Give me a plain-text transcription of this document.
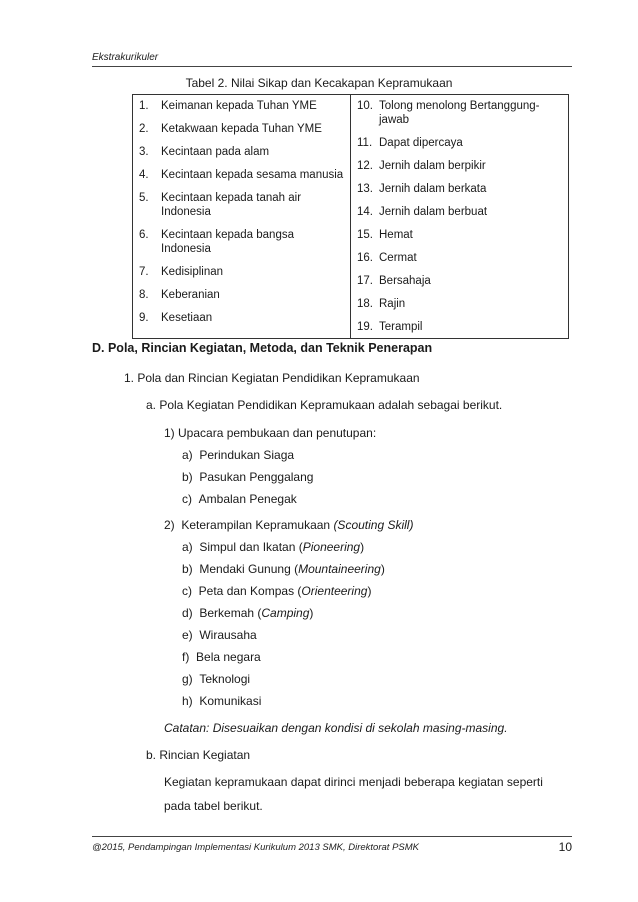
Ekstrakurikuler
Tabel 2. Nilai Sikap dan Kecakapan Kepramukaan
1. Keimanan kepada Tuhan YME
2. Ketakwaan kepada Tuhan YME
3. Kecintaan pada alam
4. Kecintaan kepada sesama manusia
5. Kecintaan kepada tanah air Indonesia
6. Kecintaan kepada bangsa Indonesia
7. Kedisiplinan
8. Keberanian
9. Kesetiaan

10. Tolong menolong Bertanggung-jawab
11. Dapat dipercaya
12. Jernih dalam berpikir
13. Jernih dalam berkata
14. Jernih dalam berbuat
15. Hemat
16. Cermat
17. Bersahaja
18. Rajin
19. Terampil
D. Pola, Rincian Kegiatan, Metoda, dan Teknik Penerapan
1. Pola dan Rincian Kegiatan Pendidikan Kepramukaan
a. Pola Kegiatan Pendidikan Kepramukaan adalah sebagai berikut.
1) Upacara pembukaan dan penutupan:
a) Perindukan Siaga
b) Pasukan Penggalang
c) Ambalan Penegak
2) Keterampilan Kepramukaan (Scouting Skill)
a) Simpul dan Ikatan (Pioneering)
b) Mendaki Gunung (Mountaineering)
c) Peta dan Kompas (Orienteering)
d) Berkemah (Camping)
e) Wirausaha
f) Bela negara
g) Teknologi
h) Komunikasi
Catatan: Disesuaikan dengan kondisi di sekolah masing-masing.
b. Rincian Kegiatan
Kegiatan kepramukaan dapat dirinci menjadi beberapa kegiatan seperti
pada tabel berikut.
@2015, Pendampingan Implementasi Kurikulum 2013 SMK, Direktorat PSMK	10
